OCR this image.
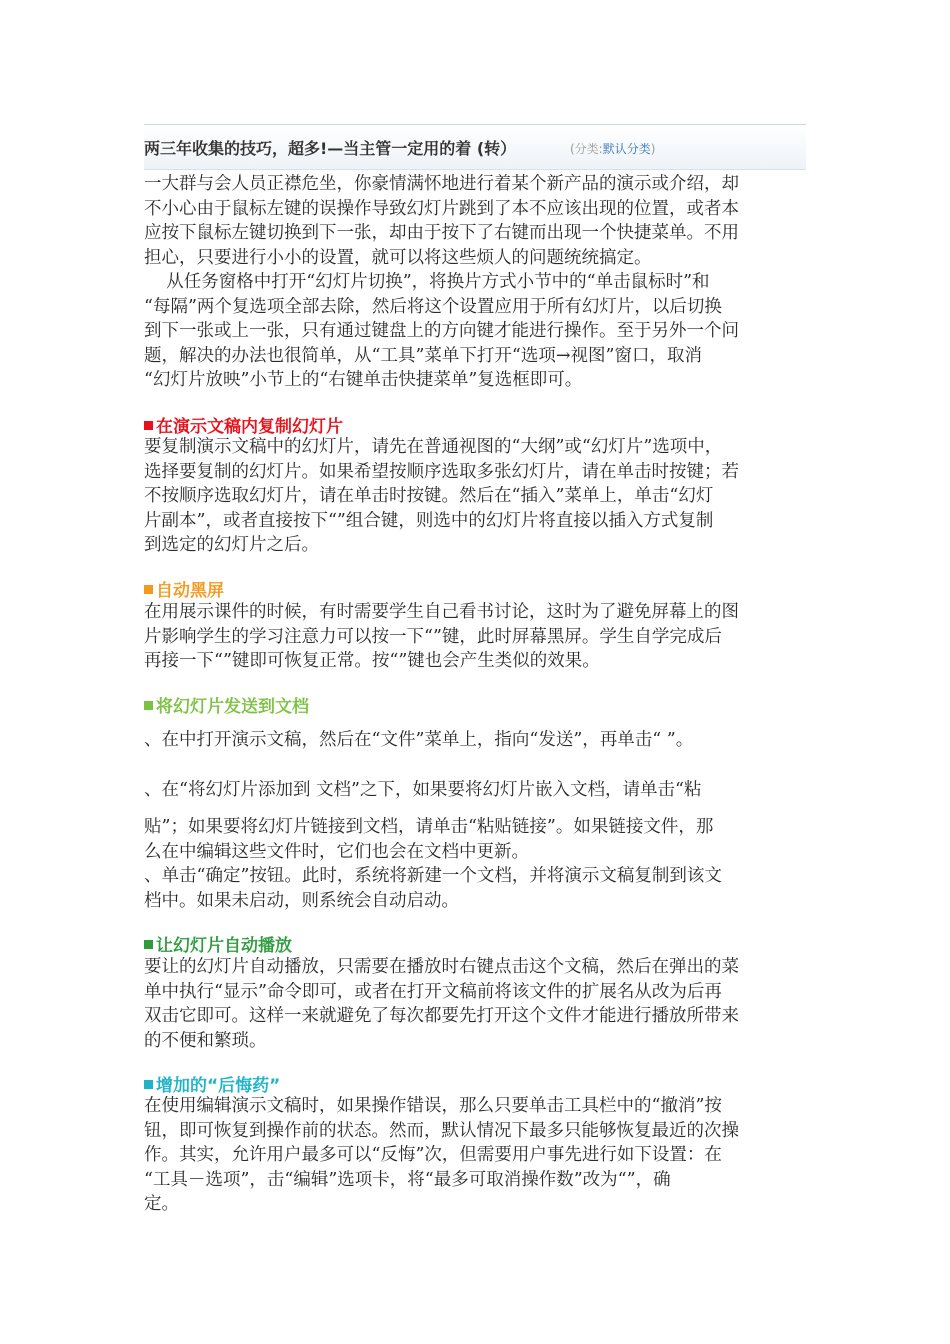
两三年收集的技巧，超多!—当主管一定用的着 (转）	(分类:默认分类)

一大群与会人员正襟危坐，你豪情满怀地进行着某个新产品的演示或介绍，却
不小心由于鼠标左键的误操作导致幻灯片跳到了本不应该出现的位置，或者本
应按下鼠标左键切换到下一张，却由于按下了右键而出现一个快捷菜单。不用
担心，只要进行小小的设置，就可以将这些烦人的问题统统搞定。

从任务窗格中打开“幻灯片切换”，将换片方式小节中的“单击鼠标时”和
“每隔”两个复选项全部去除，然后将这个设置应用于所有幻灯片，以后切换
到下一张或上一张，只有通过键盘上的方向键才能进行操作。至于另外一个问
题，解决的办法也很简单，从“工具”菜单下打开“选项→视图”窗口，取消
“幻灯片放映”小节上的“右键单击快捷菜单”复选框即可。

在演示文稿内复制幻灯片

要复制演示文稿中的幻灯片，请先在普通视图的“大纲”或“幻灯片”选项中，
选择要复制的幻灯片。如果希望按顺序选取多张幻灯片，请在单击时按键；若
不按顺序选取幻灯片，请在单击时按键。然后在“插入”菜单上，单击“幻灯
片副本”，或者直接按下“”组合键，则选中的幻灯片将直接以插入方式复制
到选定的幻灯片之后。

自动黑屏

在用展示课件的时候，有时需要学生自己看书讨论，这时为了避免屏幕上的图
片影响学生的学习注意力可以按一下“”键，此时屏幕黑屏。学生自学完成后
再接一下“”键即可恢复正常。按“”键也会产生类似的效果。

将幻灯片发送到文档

、在中打开演示文稿，然后在“文件”菜单上，指向“发送”，再单击“ ”。

、在“将幻灯片添加到 文档”之下，如果要将幻灯片嵌入文档，请单击“粘

贴”；如果要将幻灯片链接到文档，请单击“粘贴链接”。如果链接文件，那
么在中编辑这些文件时，它们也会在文档中更新。
、单击“确定”按钮。此时，系统将新建一个文档，并将演示文稿复制到该文
档中。如果未启动，则系统会自动启动。

让幻灯片自动播放

要让的幻灯片自动播放，只需要在播放时右键点击这个文稿，然后在弹出的菜
单中执行“显示”命令即可，或者在打开文稿前将该文件的扩展名从改为后再
双击它即可。这样一来就避免了每次都要先打开这个文件才能进行播放所带来
的不便和繁琐。

增加的“后悔药”

在使用编辑演示文稿时，如果操作错误，那么只要单击工具栏中的“撤消”按
钮，即可恢复到操作前的状态。然而，默认情况下最多只能够恢复最近的次操
作。其实，允许用户最多可以“反悔”次，但需要用户事先进行如下设置：在
“工具－选项”，击“编辑”选项卡，将“最多可取消操作数”改为“”，确
定。
